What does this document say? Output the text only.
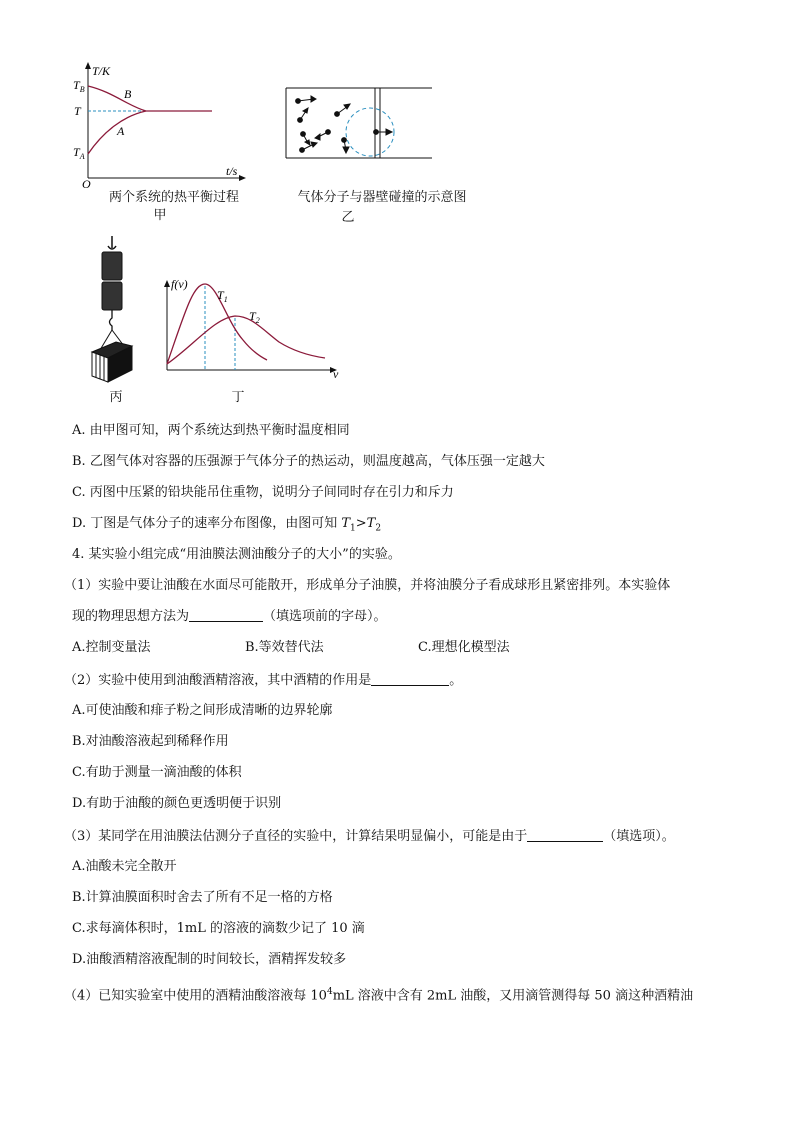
T/K
$T_B$
T
$T_A$
B
A
O
t/s
两个系统的热平衡过程
甲
气体分子与器壁碰撞的示意图
乙
丙
f(v)
$T_1$
$T_2$
v
丁
A. 由甲图可知，两个系统达到热平衡时温度相同
B. 乙图气体对容器的压强源于气体分子的热运动，则温度越高，气体压强一定越大
C. 丙图中压紧的铅块能吊住重物，说明分子间同时存在引力和斥力
D. 丁图是气体分子的速率分布图像，由图可知 $T_1>T_2$
4. 某实验小组完成“用油膜法测油酸分子的大小”的实验。
（1）实验中要让油酸在水面尽可能散开，形成单分子油膜，并将油膜分子看成球形且紧密排列。本实验体
现的物理思想方法为	（填选项前的字母）。
A.控制变量法	B.等效替代法	C.理想化模型法
（2）实验中使用到油酸酒精溶液，其中酒精的作用是	。
A.可使油酸和痱子粉之间形成清晰的边界轮廓
B.对油酸溶液起到稀释作用
C.有助于测量一滴油酸的体积
D.有助于油酸的颜色更透明便于识别
（3）某同学在用油膜法估测分子直径的实验中，计算结果明显偏小，可能是由于	（填选项）。
A.油酸未完全散开
B.计算油膜面积时舍去了所有不足一格的方格
C.求每滴体积时，1mL 的溶液的滴数少记了 10 滴
D.油酸酒精溶液配制的时间较长，酒精挥发较多
（4）已知实验室中使用的酒精油酸溶液每 $10^4mL$ 溶液中含有 2mL 油酸，又用滴管测得每 50 滴这种酒精油
